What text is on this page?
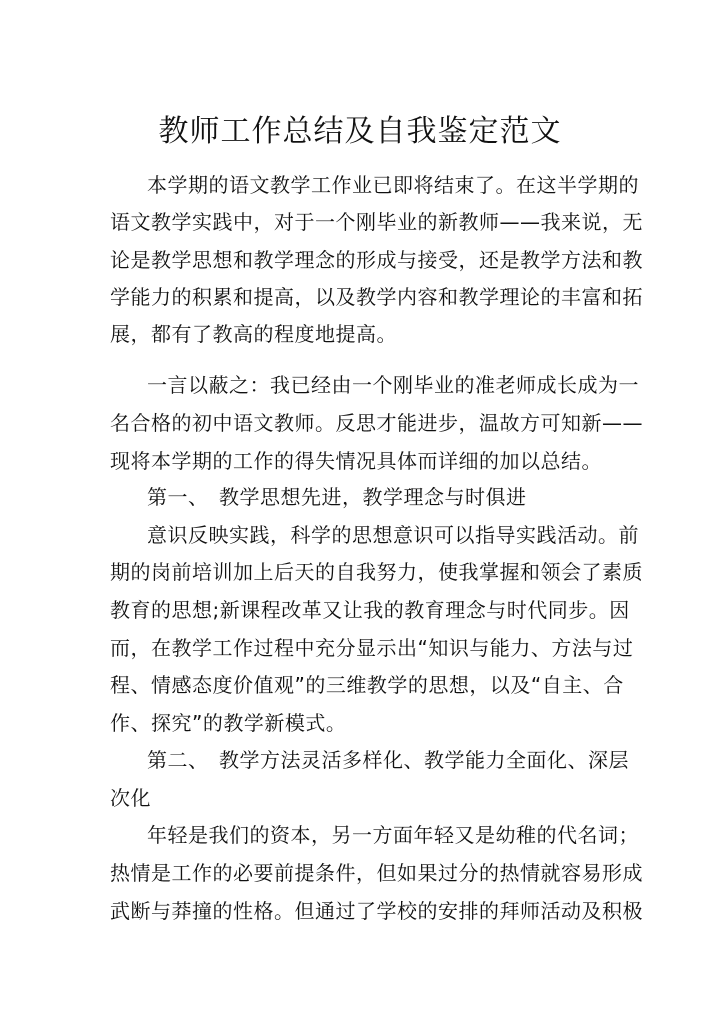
教师工作总结及自我鉴定范文
本学期的语文教学工作业已即将结束了。在这半学期的
语文教学实践中，对于一个刚毕业的新教师——我来说，无
论是教学思想和教学理念的形成与接受，还是教学方法和教
学能力的积累和提高，以及教学内容和教学理论的丰富和拓
展，都有了教高的程度地提高。
一言以蔽之：我已经由一个刚毕业的准老师成长成为一
名合格的初中语文教师。反思才能进步，温故方可知新——
现将本学期的工作的得失情况具体而详细的加以总结。
第一、　教学思想先进，教学理念与时俱进
意识反映实践，科学的思想意识可以指导实践活动。前
期的岗前培训加上后天的自我努力，使我掌握和领会了素质
教育的思想;新课程改革又让我的教育理念与时代同步。因
而，在教学工作过程中充分显示出“知识与能力、方法与过
程、情感态度价值观”的三维教学的思想，以及“自主、合
作、探究”的教学新模式。
第二、　教学方法灵活多样化、教学能力全面化、深层
次化
年轻是我们的资本，另一方面年轻又是幼稚的代名词；
热情是工作的必要前提条件，但如果过分的热情就容易形成
武断与莽撞的性格。但通过了学校的安排的拜师活动及积极
